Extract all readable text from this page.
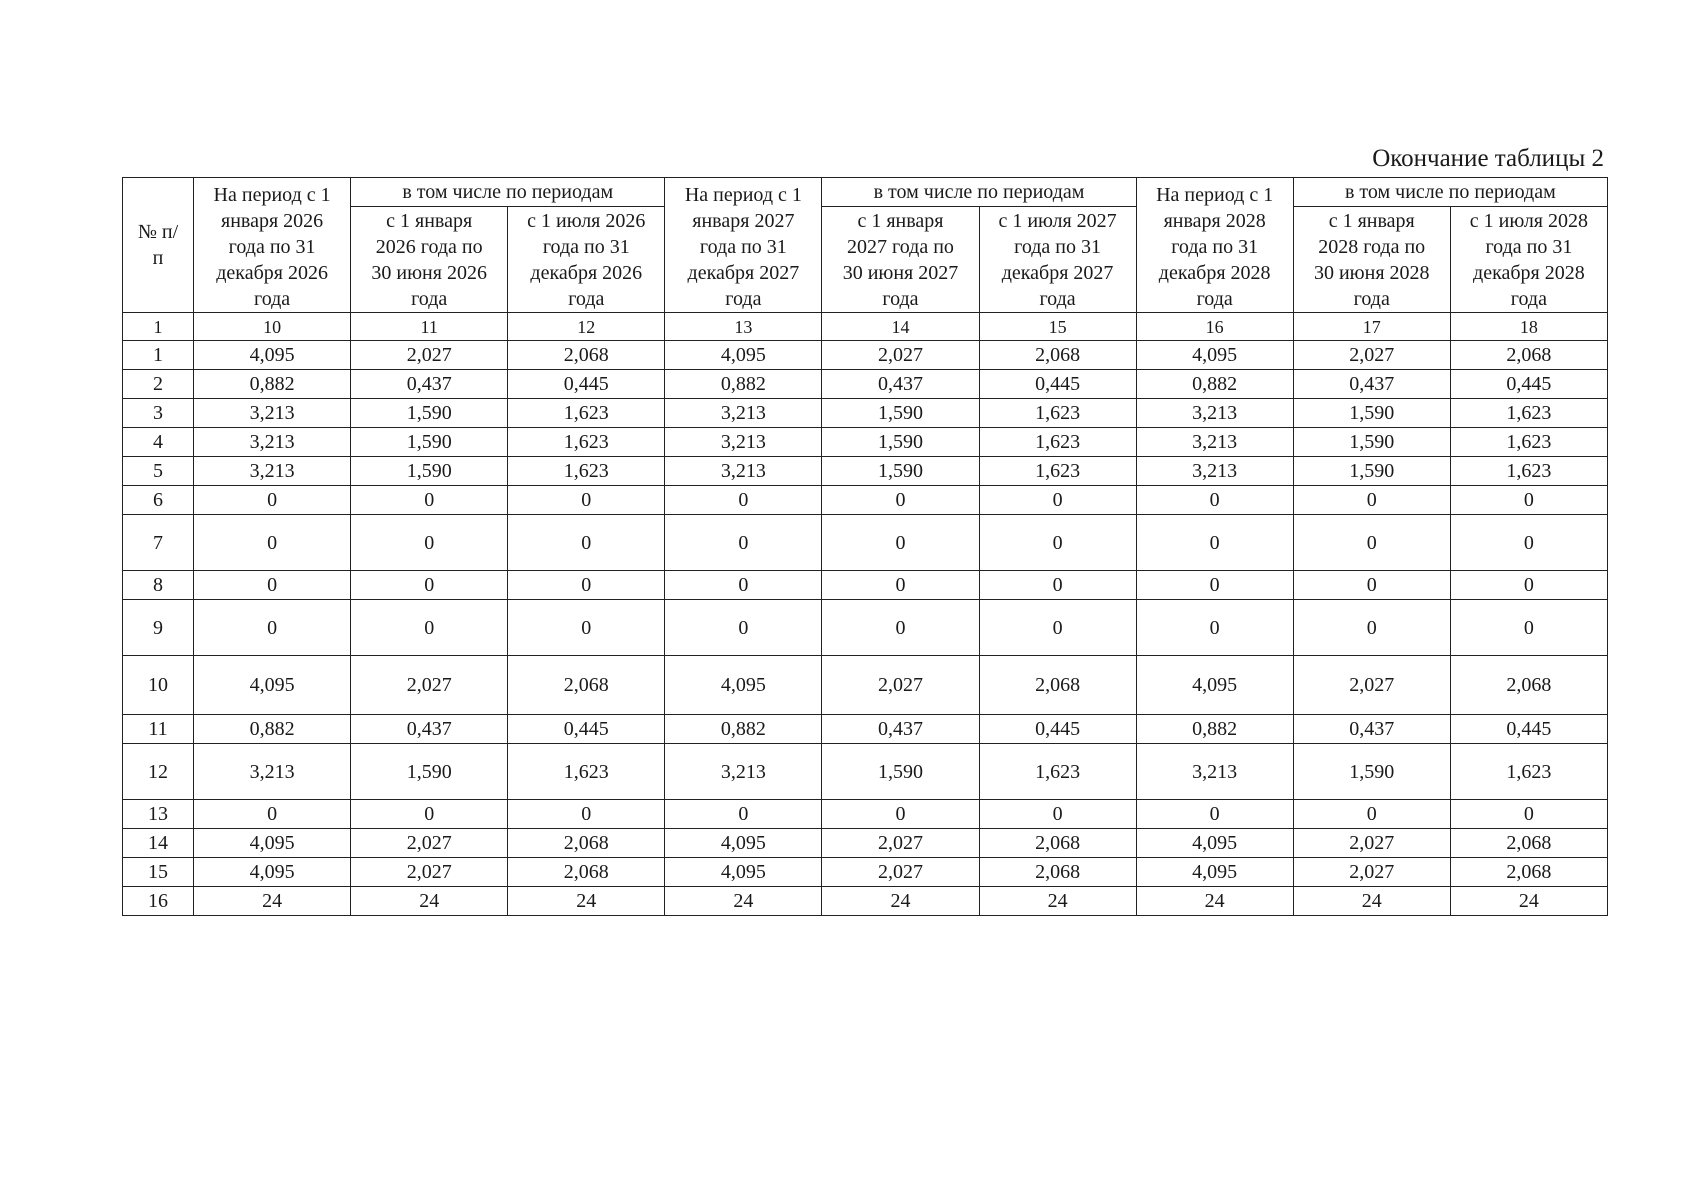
Окончание таблицы 2
№ п/п	На период с 1 января 2026 года по 31 декабря 2026 года	в том числе по периодам		На период с 1 января 2027 года по 31 декабря 2027 года	в том числе по периодам		На период с 1 января 2028 года по 31 декабря 2028 года	в том числе по периодам	
		с 1 января 2026 года по 30 июня 2026 года	с 1 июля 2026 года по 31 декабря 2026 года		с 1 января 2027 года по 30 июня 2027 года	с 1 июля 2027 года по 31 декабря 2027 года		с 1 января 2028 года по 30 июня 2028 года	с 1 июля 2028 года по 31 декабря 2028 года
1	10	11	12	13	14	15	16	17	18
1	4,095	2,027	2,068	4,095	2,027	2,068	4,095	2,027	2,068
2	0,882	0,437	0,445	0,882	0,437	0,445	0,882	0,437	0,445
3	3,213	1,590	1,623	3,213	1,590	1,623	3,213	1,590	1,623
4	3,213	1,590	1,623	3,213	1,590	1,623	3,213	1,590	1,623
5	3,213	1,590	1,623	3,213	1,590	1,623	3,213	1,590	1,623
6	0	0	0	0	0	0	0	0	0
7	0	0	0	0	0	0	0	0	0
8	0	0	0	0	0	0	0	0	0
9	0	0	0	0	0	0	0	0	0
10	4,095	2,027	2,068	4,095	2,027	2,068	4,095	2,027	2,068
11	0,882	0,437	0,445	0,882	0,437	0,445	0,882	0,437	0,445
12	3,213	1,590	1,623	3,213	1,590	1,623	3,213	1,590	1,623
13	0	0	0	0	0	0	0	0	0
14	4,095	2,027	2,068	4,095	2,027	2,068	4,095	2,027	2,068
15	4,095	2,027	2,068	4,095	2,027	2,068	4,095	2,027	2,068
16	24	24	24	24	24	24	24	24	24
